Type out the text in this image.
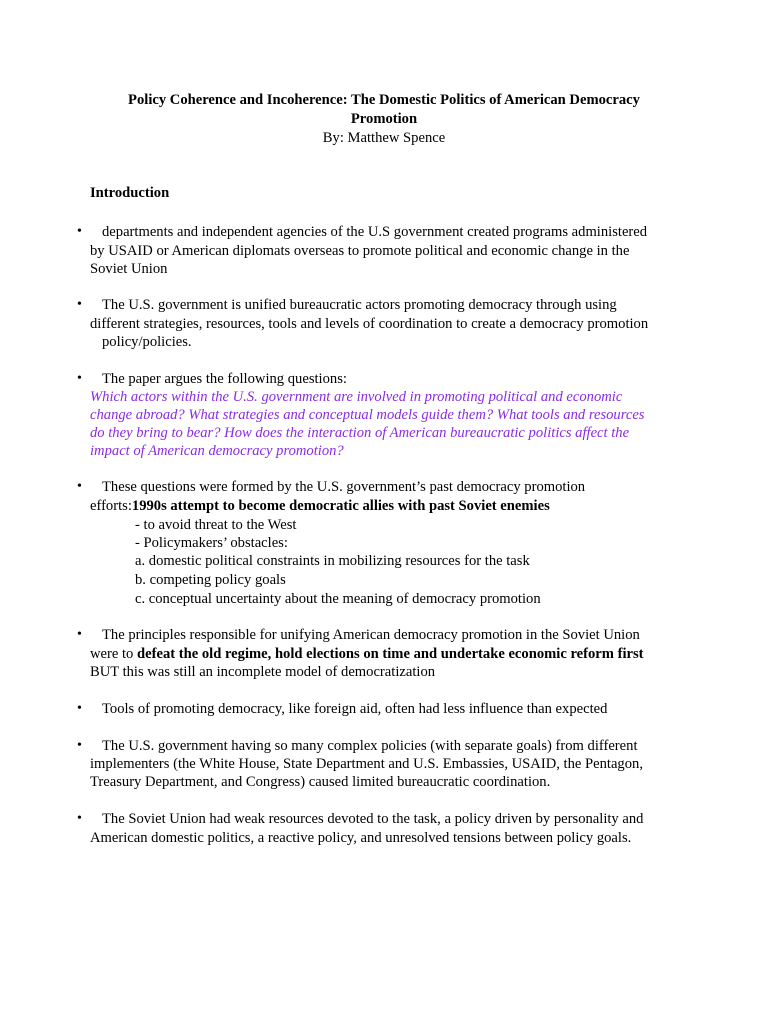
Policy Coherence and Incoherence: The Domestic Politics of American Democracy
Promotion
By: Matthew Spence
Introduction
• departments and independent agencies of the U.S government created programs administered
by USAID or American diplomats overseas to promote political and economic change in the
Soviet Union
• The U.S. government is unified bureaucratic actors promoting democracy through using
different strategies, resources, tools and levels of coordination to create a democracy promotion
policy/policies.
• The paper argues the following questions:
Which actors within the U.S. government are involved in promoting political and economic
change abroad? What strategies and conceptual models guide them? What tools and resources
do they bring to bear? How does the interaction of American bureaucratic politics affect the
impact of American democracy promotion?
• These questions were formed by the U.S. government’s past democracy promotion
efforts:1990s attempt to become democratic allies with past Soviet enemies
- to avoid threat to the West
- Policymakers’ obstacles:
a. domestic political constraints in mobilizing resources for the task
b. competing policy goals
c. conceptual uncertainty about the meaning of democracy promotion
• The principles responsible for unifying American democracy promotion in the Soviet Union
were to defeat the old regime, hold elections on time and undertake economic reform first
BUT this was still an incomplete model of democratization
• Tools of promoting democracy, like foreign aid, often had less influence than expected
• The U.S. government having so many complex policies (with separate goals) from different
implementers (the White House, State Department and U.S. Embassies, USAID, the Pentagon,
Treasury Department, and Congress) caused limited bureaucratic coordination.
• The Soviet Union had weak resources devoted to the task, a policy driven by personality and
American domestic politics, a reactive policy, and unresolved tensions between policy goals.
